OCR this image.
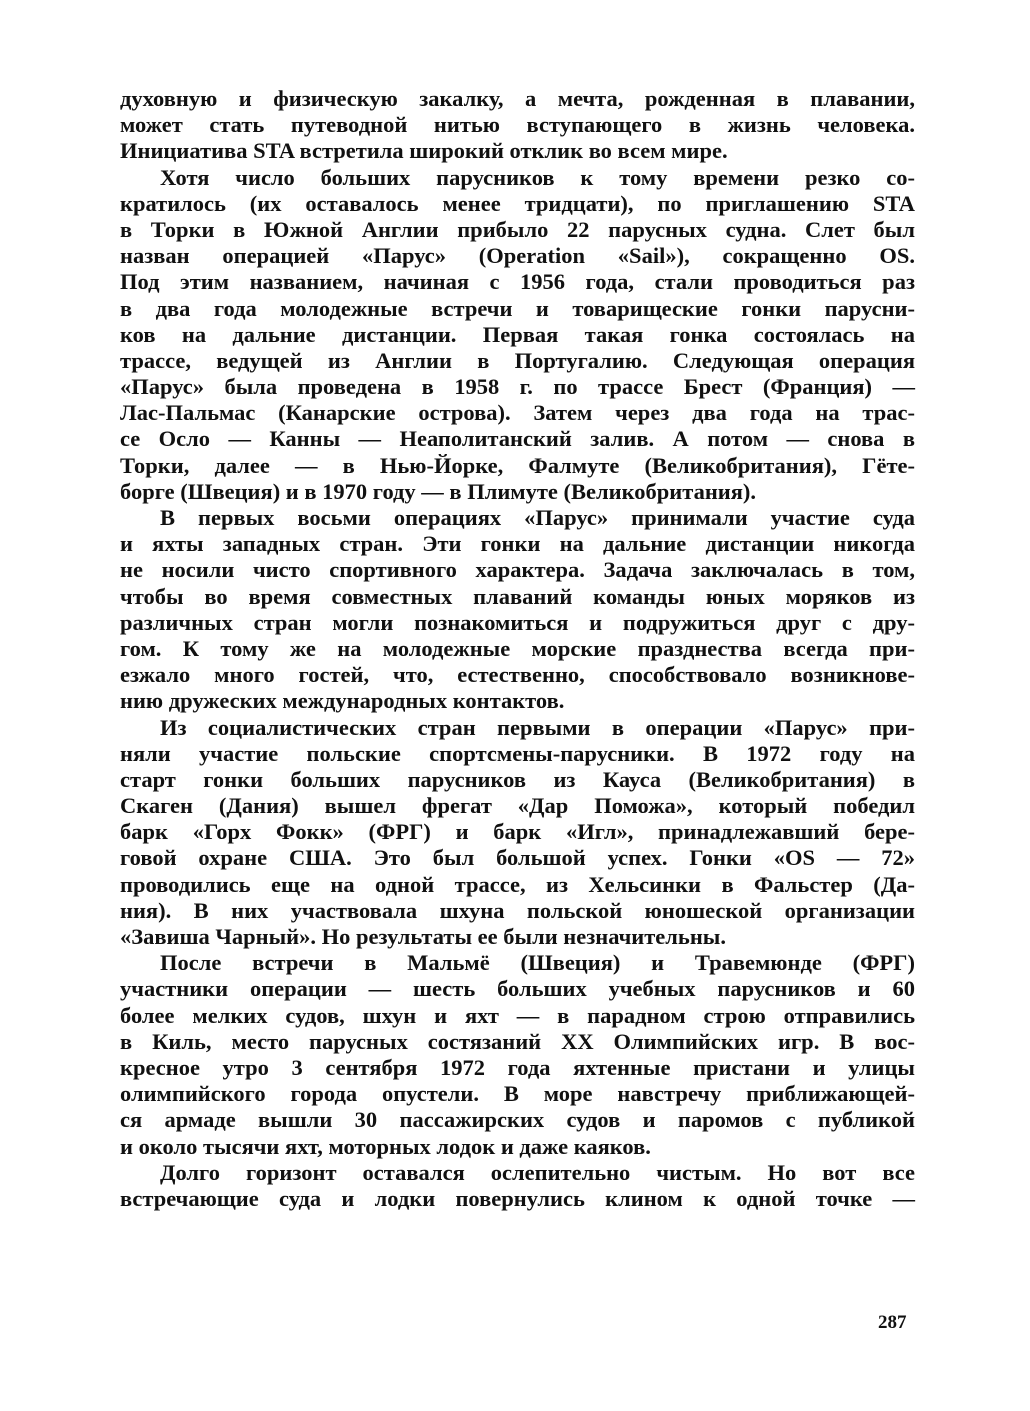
духовную и физическую закалку, а мечта, рожденная в плавании,
может стать путеводной нитью вступающего в жизнь человека.
Инициатива STA встретила широкий отклик во всем мире.
Хотя число больших парусников к тому времени резко со-
кратилось (их оставалось менее тридцати), по приглашению STA
в Торки в Южной Англии прибыло 22 парусных судна. Слет был
назван операцией «Парус» (Operation «Sail»), сокращенно OS.
Под этим названием, начиная с 1956 года, стали проводиться раз
в два года молодежные встречи и товарищеские гонки парусни-
ков на дальние дистанции. Первая такая гонка состоялась на
трассе, ведущей из Англии в Португалию. Следующая операция
«Парус» была проведена в 1958 г. по трассе Брест (Франция) —
Лас-Пальмас (Канарские острова). Затем через два года на трас-
се Осло — Канны — Неаполитанский залив. А потом — снова в
Торки, далее — в Нью-Йорке, Фалмуте (Великобритания), Гёте-
борге (Швеция) и в 1970 году — в Плимуте (Великобритания).
В первых восьми операциях «Парус» принимали участие суда
и яхты западных стран. Эти гонки на дальние дистанции никогда
не носили чисто спортивного характера. Задача заключалась в том,
чтобы во время совместных плаваний команды юных моряков из
различных стран могли познакомиться и подружиться друг с дру-
гом. К тому же на молодежные морские празднества всегда при-
езжало много гостей, что, естественно, способствовало возникнове-
нию дружеских международных контактов.
Из социалистических стран первыми в операции «Парус» при-
няли участие польские спортсмены-парусники. В 1972 году на
старт гонки больших парусников из Кауса (Великобритания) в
Скаген (Дания) вышел фрегат «Дар Поможа», который победил
барк «Горх Фокк» (ФРГ) и барк «Игл», принадлежавший бере-
говой охране США. Это был большой успех. Гонки «OS — 72»
проводились еще на одной трассе, из Хельсинки в Фальстер (Да-
ния). В них участвовала шхуна польской юношеской организации
«Завиша Чарный». Но результаты ее были незначительны.
После встречи в Мальмё (Швеция) и Травемюнде (ФРГ)
участники операции — шесть больших учебных парусников и 60
более мелких судов, шхун и яхт — в парадном строю отправились
в Киль, место парусных состязаний XX Олимпийских игр. В вос-
кресное утро 3 сентября 1972 года яхтенные пристани и улицы
олимпийского города опустели. В море навстречу приближающей-
ся армаде вышли 30 пассажирских судов и паромов с публикой
и около тысячи яхт, моторных лодок и даже каяков.
Долго горизонт оставался ослепительно чистым. Но вот все
встречающие суда и лодки повернулись клином к одной точке —
287
